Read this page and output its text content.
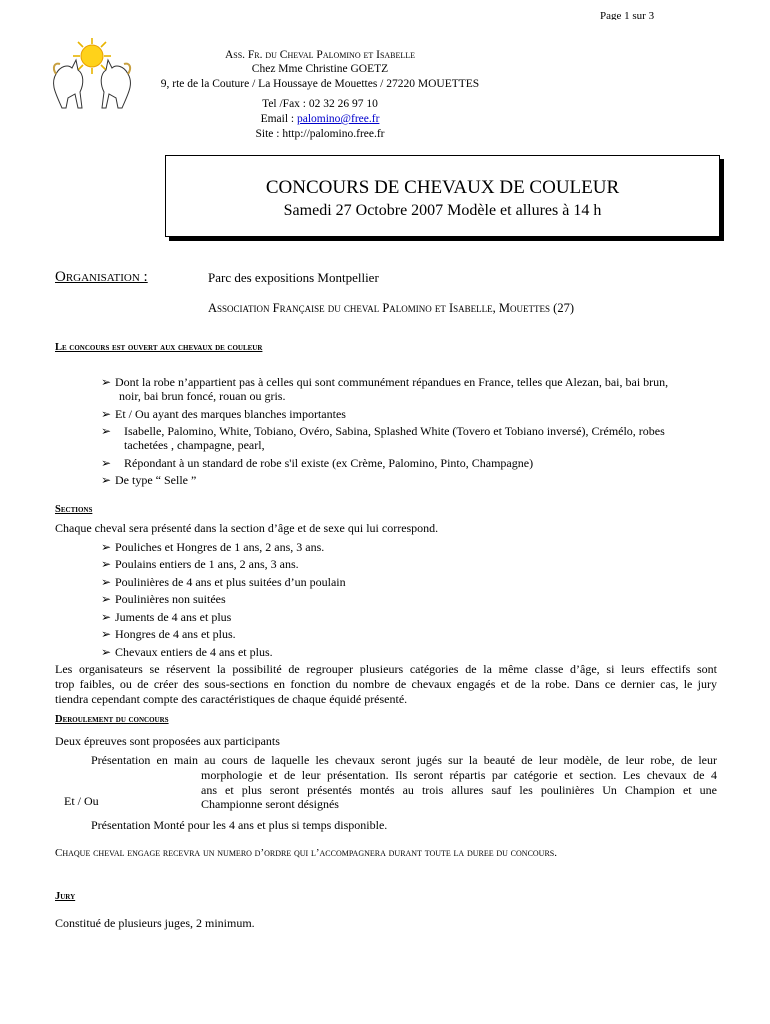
Page 1 sur 3
Ass. Fr. du Cheval Palomino et Isabelle
Chez Mme Christine GOETZ
9, rte de la Couture / La Houssaye de Mouettes / 27220 MOUETTES
Tel /Fax : 02 32 26 97 10
Email : palomino@free.fr
Site : http://palomino.free.fr
CONCOURS DE CHEVAUX DE COULEUR
Samedi 27 Octobre 2007 Modèle et allures à 14 h
Organisation :	Parc des expositions Montpellier
Association Française du cheval Palomino et Isabelle, Mouettes (27)
Le concours est ouvert aux chevaux de couleur
➢ Dont la robe n’appartient pas à celles qui sont communément répandues en France, telles que Alezan, bai, bai brun,
noir, bai brun foncé, rouan ou gris.
➢ Et / Ou ayant des marques blanches importantes
➢ Isabelle, Palomino, White, Tobiano, Ovéro, Sabina, Splashed White (Tovero et Tobiano inversé), Crémélo, robes
tachetées , champagne, pearl,
➢ Répondant à un standard de robe s'il existe (ex Crème, Palomino, Pinto, Champagne)
➢ De type “ Selle ”
Sections
Chaque cheval sera présenté dans la section d’âge et de sexe qui lui correspond.
➢ Pouliches et Hongres de 1 ans, 2 ans, 3 ans.
➢ Poulains entiers de 1 ans, 2 ans, 3 ans.
➢ Poulinières de 4 ans et plus suitées d’un poulain
➢ Poulinières non suitées
➢ Juments de 4 ans et plus
➢ Hongres de 4 ans et plus.
➢ Chevaux entiers de 4 ans et plus.
Les organisateurs se réservent la possibilité de regrouper plusieurs catégories de la même classe d’âge, si leurs effectifs sont
trop faibles, ou de créer des sous-sections en fonction du nombre de chevaux engagés et de la robe. Dans ce dernier cas, le jury
tiendra cependant compte des caractéristiques de chaque équidé présenté.
Deroulement du concours
Deux épreuves sont proposées aux participants
Présentation en main au cours de laquelle les chevaux seront jugés sur la beauté de leur modèle, de leur robe, de leur
morphologie et de leur présentation. Ils seront répartis par catégorie et section. Les chevaux de 4
ans et plus seront présentés montés au trois allures sauf les poulinières Un Champion et une
Et / Ou	Championne seront désignés
Présentation Monté pour les 4 ans et plus si temps disponible.
Chaque cheval engage recevra un numero d’ordre qui l’accompagnera durant toute la duree du concours.
Jury
Constitué de plusieurs juges, 2 minimum.
